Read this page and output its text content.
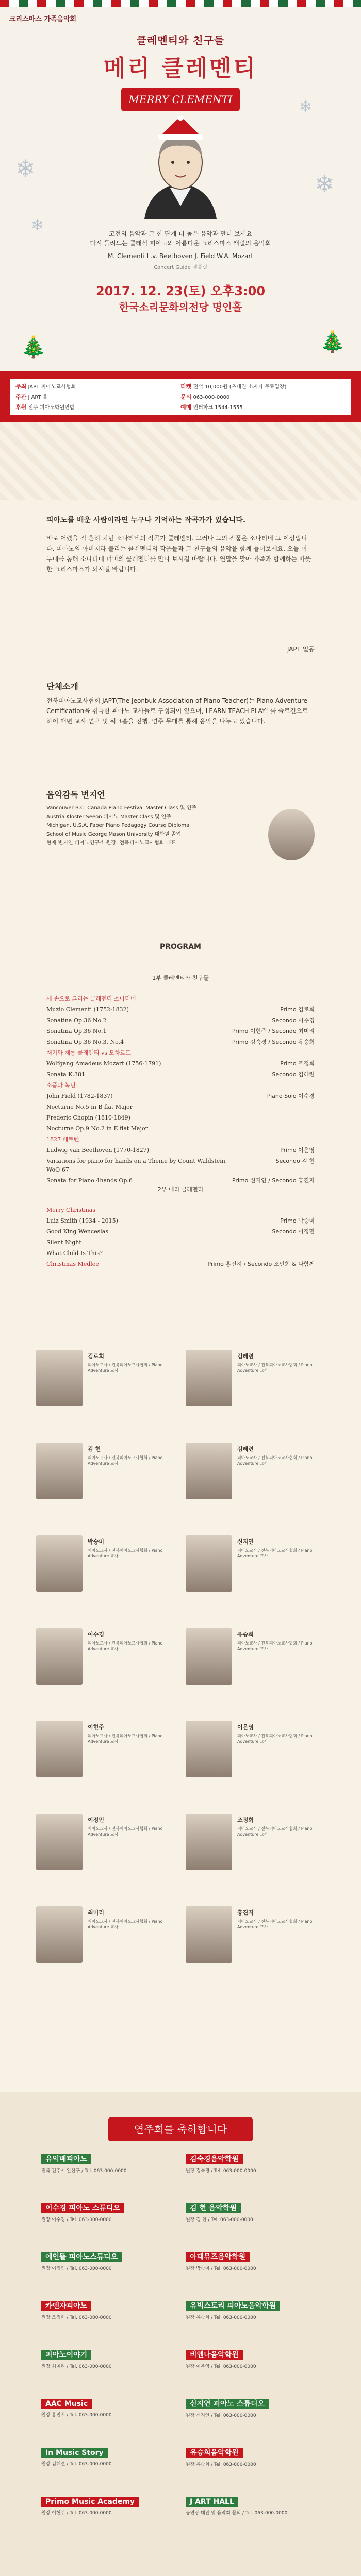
크리스마스 가족음악회
클레멘티와 친구들
메리 클레멘티
MERRY CLEMENTI
❄
❄
❄
❄
🎄
🎄
고전의 음악과 그 한 단계 더 높은 음악과 만나 보세요
다시 들려드는 클래식 피아노와 아름다운 크리스마스 캐럴의 음악회
M. Clementi L.v. Beethoven J. Field W.A. Mozart
Concert Guide 팸플릿
2017. 12. 23(토) 오후3:00
한국소리문화의전당 명인홀
주최 JAPT 피아노교사협회
주관 J ART 홀
후원 전주 피아노학원연합
티켓 전석 10,000원 (초대권 소지자 무료입장)
문의 063-000-0000
예매 인터파크 1544-1555
피아노를 배운 사람이라면 누구나 기억하는 작곡가가 있습니다.
바로 어렸을 적 흔히 치던 소나티네의 작곡가 클레멘티. 그러나 그의 작품은 소나티네 그 이상입니다. 피아노의 아버지라 불리는 클레멘티의 작품들과 그 친구들의 음악을 함께 들어보세요. 오늘 이 무대를 통해 소나티네 너머의 클레멘티를 만나 보시길 바랍니다. 연말을 맞아 가족과 함께하는 따뜻한 크리스마스가 되시길 바랍니다.
JAPT 일동
단체소개
전북피아노교사협회 JAPT(The Jeonbuk Association of Piano Teacher)는 Piano Adventure Certification을 취득한 피아노 교사들로 구성되어 있으며, LEARN TEACH PLAY! 를 슬로건으로 하여 매년 교사 연구 및 워크숍을 진행, 연주 무대를 통해 음악을 나누고 있습니다.
음악감독 변지연
Vancouver B.C. Canada Piano Festival Master Class 및 연주
Austria Kloster Seeon 피아노 Master Class 및 연주
Michigan, U.S.A. Faber Piano Pedagogy Course Diploma
School of Music George Mason University 대학원 졸업
현재 변지연 피아노연구소 원장, 전북피아노교사협회 대표
PROGRAM
1부 클레멘티와 친구들
세 손으로 그리는 클레멘티 소나티네
Muzio Clementi (1752-1832)	Primo 김로희
Sonatina Op.36 No.2	Secondo 이수경
Sonatina Op.36 No.1	Primo 이현주 / Secondo 최미리
Sonatina Op.36 No.3, No.4	Primo 김숙경 / Secondo 유승희
재기와 재롱 클레멘티 vs 모차르트
Wolfgang Amadeus Mozart (1756-1791)	Primo 조정희
Sonata K.381	Secondo 김혜련
소품과 녹턴
John Field (1782-1837)	Piano Solo 이수경
Nocturne No.5 in B flat Major
Frederic Chopin (1810-1849)
Nocturne Op.9 No.2 in E flat Major
1827 베토벤
Ludwig van Beethoven (1770-1827)	Primo 이은영
Variations for piano for hands on a Theme by Count Waldstein, WoO 67
Secondo 김 현
Sonata for Piano 4hands Op.6	Primo 신지연 / Secondo 홍진지
2부 메리 클레멘티
Merry Christmas
Luiz Smith (1934 - 2015)	Primo 박승미
Good King Wenceslas	Secondo 이정민
Silent Night
What Child Is This?
Christmas Medlee	Primo 홍진지 / Secondo 조인희 & 다함께
김로희
피아노교사 / 전북피아노교사협회 / Piano Adventure 교사
김혜련
피아노교사 / 전북피아노교사협회 / Piano Adventure 교사
김 현
피아노교사 / 전북피아노교사협회 / Piano Adventure 교사
김혜련
피아노교사 / 전북피아노교사협회 / Piano Adventure 교사
박승미
피아노교사 / 전북피아노교사협회 / Piano Adventure 교사
신지연
피아노교사 / 전북피아노교사협회 / Piano Adventure 교사
이수경
피아노교사 / 전북피아노교사협회 / Piano Adventure 교사
유승희
피아노교사 / 전북피아노교사협회 / Piano Adventure 교사
이현주
피아노교사 / 전북피아노교사협회 / Piano Adventure 교사
이은영
피아노교사 / 전북피아노교사협회 / Piano Adventure 교사
이정민
피아노교사 / 전북피아노교사협회 / Piano Adventure 교사
조정희
피아노교사 / 전북피아노교사협회 / Piano Adventure 교사
최미리
피아노교사 / 전북피아노교사협회 / Piano Adventure 교사
홍진지
피아노교사 / 전북피아노교사협회 / Piano Adventure 교사
연주회를 축하합니다
유익배피아노
전북 전주시 완산구 / Tel. 063-000-0000
김숙경음악학원
원장 김숙경 / Tel. 063-000-0000
이수경 피아노 스튜디오
원장 이수경 / Tel. 063-000-0000
김 현 음악학원
원장 김 현 / Tel. 063-000-0000
예인뜰 피아노스튜디오
원장 이정민 / Tel. 063-000-0000
아태뮤즈음악학원
원장 박승미 / Tel. 063-000-0000
카덴자피아노
원장 조정희 / Tel. 063-000-0000
유빅스토리 피아노음악학원
원장 유승희 / Tel. 063-000-0000
피아노이야기
원장 최미리 / Tel. 063-000-0000
비엔나음악학원
원장 이은영 / Tel. 063-000-0000
AAC Music
원장 홍진지 / Tel. 063-000-0000
신지연 피아노 스튜디오
원장 신지연 / Tel. 063-000-0000
In Music Story
원장 김혜련 / Tel. 063-000-0000
유승희음악학원
원장 유승희 / Tel. 063-000-0000
Primo Music Academy
원장 이현주 / Tel. 063-000-0000
J ART HALL
공연장 대관 및 음악회 문의 / Tel. 063-000-0000
